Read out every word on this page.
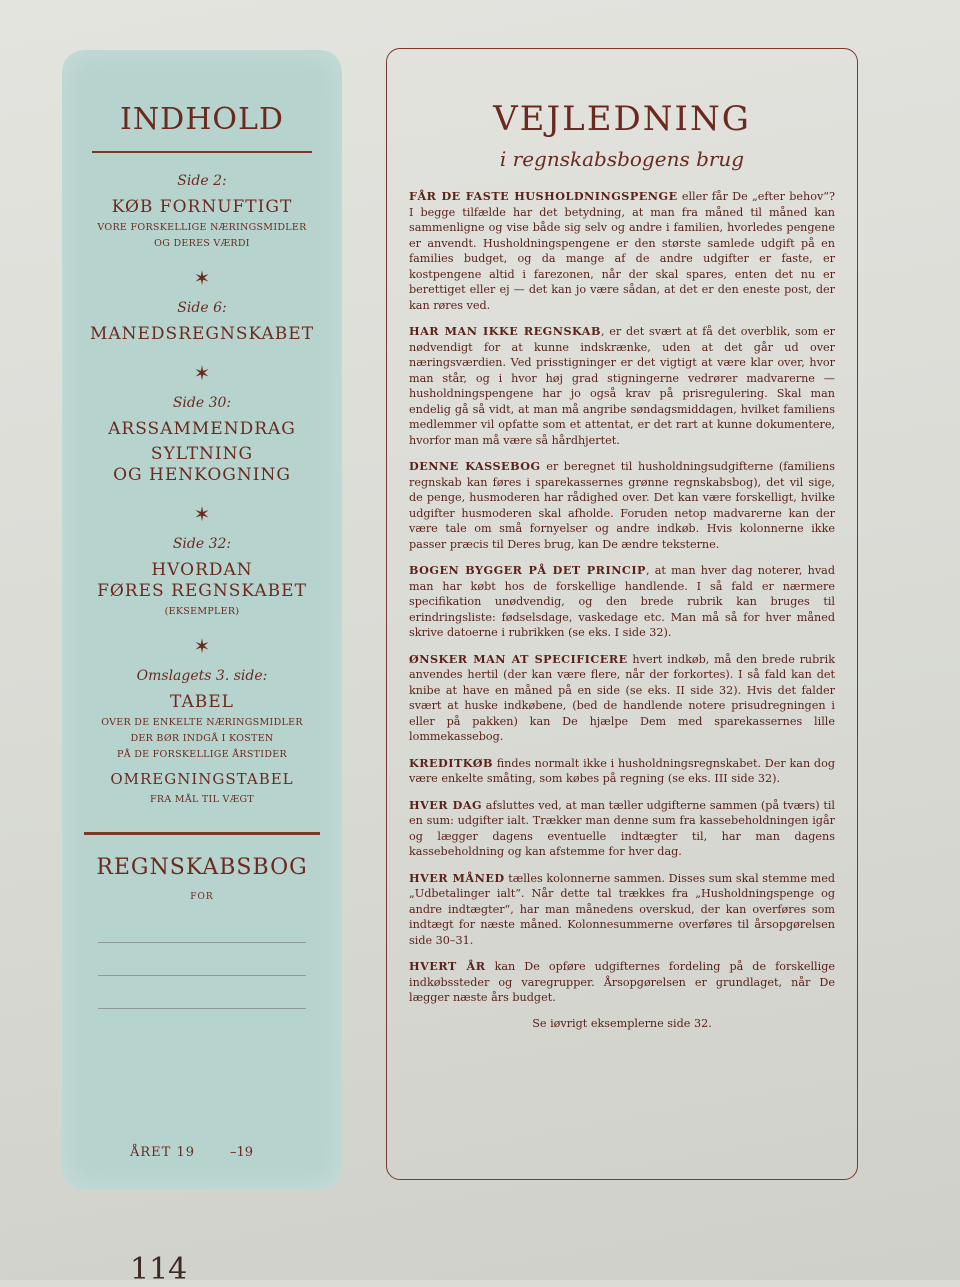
INDHOLD
Side 2:
KØB FORNUFTIGT
VORE FORSKELLIGE NÆRINGSMIDLER
OG DERES VÆRDI
✶
Side 6:
MANEDSREGNSKABET
✶
Side 30:
ARSSAMMENDRAG
SYLTNING
OG HENKOGNING
✶
Side 32:
HVORDAN
FØRES REGNSKABET
(EKSEMPLER)
✶
Omslagets 3. side:
TABEL
OVER DE ENKELTE NÆRINGSMIDLER
DER BØR INDGÅ I KOSTEN
PÅ DE FORSKELLIGE ÅRSTIDER
OMREGNINGSTABEL
FRA MÅL TIL VÆGT
REGNSKABSBOG
FOR
ÅRET 19	–19
VEJLEDNING
i regnskabsbogens brug
FÅR DE FASTE HUSHOLDNINGSPENGE eller får De „efter behov“? I begge tilfælde har det betydning, at man fra måned til måned kan sammenligne og vise både sig selv og andre i familien, hvorledes pengene er anvendt. Husholdningspengene er den største samlede udgift på en families budget, og da mange af de andre udgifter er faste, er kostpengene altid i farezonen, når der skal spares, enten det nu er berettiget eller ej — det kan jo være sådan, at det er den eneste post, der kan røres ved.
HAR MAN IKKE REGNSKAB, er det svært at få det overblik, som er nødvendigt for at kunne indskrænke, uden at det går ud over næringsværdien. Ved prisstigninger er det vigtigt at være klar over, hvor man står, og i hvor høj grad stigningerne vedrører madvarerne — husholdningspengene har jo også krav på prisregulering. Skal man endelig gå så vidt, at man må angribe søndagsmiddagen, hvilket familiens medlemmer vil opfatte som et attentat, er det rart at kunne dokumentere, hvorfor man må være så hårdhjertet.
DENNE KASSEBOG er beregnet til husholdningsudgifterne (familiens regnskab kan føres i sparekassernes grønne regnskabsbog), det vil sige, de penge, husmoderen har rådighed over. Det kan være forskelligt, hvilke udgifter husmoderen skal afholde. Foruden netop madvarerne kan der være tale om små fornyelser og andre indkøb. Hvis kolonnerne ikke passer præcis til Deres brug, kan De ændre teksterne.
BOGEN BYGGER PÅ DET PRINCIP, at man hver dag noterer, hvad man har købt hos de forskellige handlende. I så fald er nærmere specifikation unødvendig, og den brede rubrik kan bruges til erindringsliste: fødselsdage, vaskedage etc. Man må så for hver måned skrive datoerne i rubrikken (se eks. I side 32).
ØNSKER MAN AT SPECIFICERE hvert indkøb, må den brede rubrik anvendes hertil (der kan være flere, når der forkortes). I så fald kan det knibe at have en måned på en side (se eks. II side 32). Hvis det falder svært at huske indkøbene, (bed de handlende notere prisudregningen i eller på pakken) kan De hjælpe Dem med sparekassernes lille lommekassebog.
KREDITKØB findes normalt ikke i husholdningsregnskabet. Der kan dog være enkelte småting, som købes på regning (se eks. III side 32).
HVER DAG afsluttes ved, at man tæller udgifterne sammen (på tværs) til en sum: udgifter ialt. Trækker man denne sum fra kassebeholdningen igår og lægger dagens eventuelle indtægter til, har man dagens kassebeholdning og kan afstemme for hver dag.
HVER MÅNED tælles kolonnerne sammen. Disses sum skal stemme med „Udbetalinger ialt“. Når dette tal trækkes fra „Husholdningspenge og andre indtægter“, har man månedens overskud, der kan overføres som indtægt for næste måned. Kolonnesummerne overføres til årsopgørelsen side 30–31.
HVERT ÅR kan De opføre udgifternes fordeling på de forskellige indkøbssteder og varegrupper. Årsopgørelsen er grundlaget, når De lægger næste års budget.
Se iøvrigt eksemplerne side 32.
114
